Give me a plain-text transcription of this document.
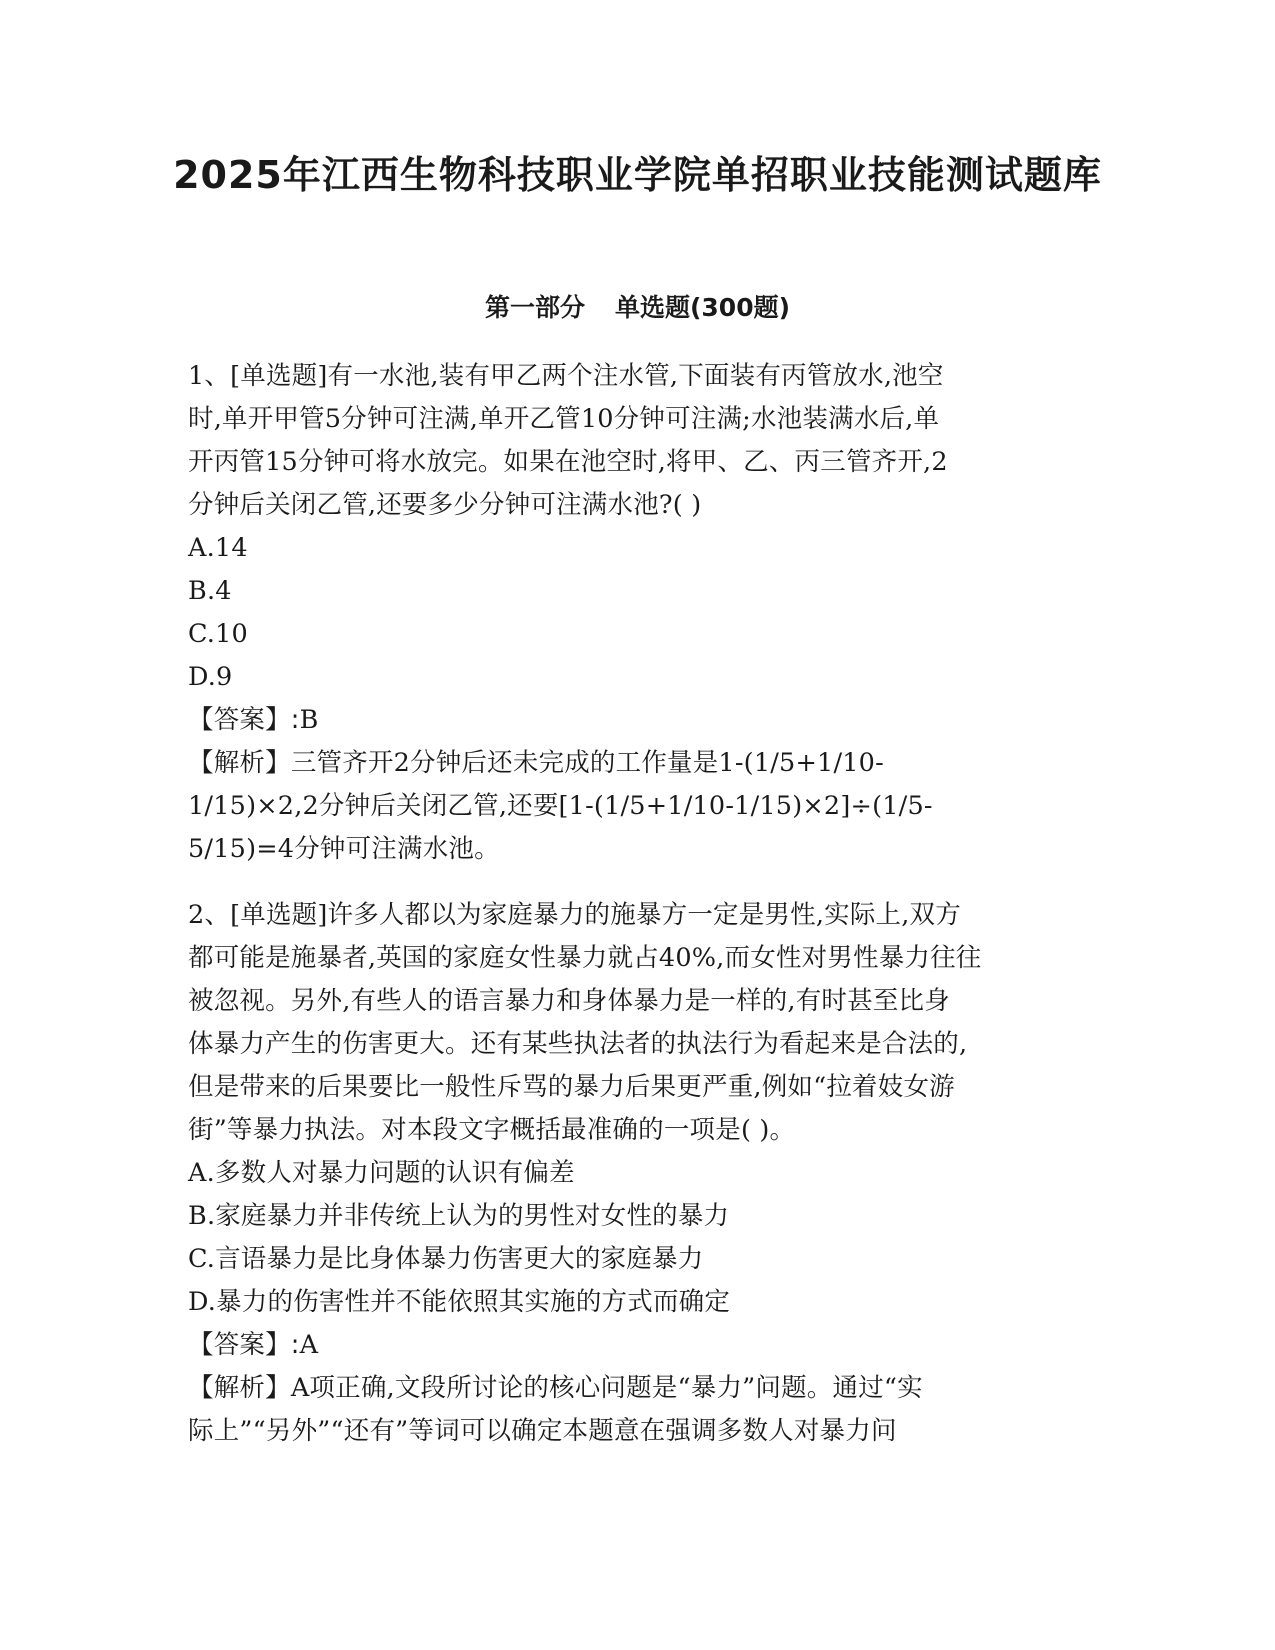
2025年江西生物科技职业学院单招职业技能测试题库
第一部分 单选题(300题)
1、[单选题]有一水池,装有甲乙两个注水管,下面装有丙管放水,池空
时,单开甲管5分钟可注满,单开乙管10分钟可注满;水池装满水后,单
开丙管15分钟可将水放完。如果在池空时,将甲、乙、丙三管齐开,2
分钟后关闭乙管,还要多少分钟可注满水池?( )
A.14
B.4
C.10
D.9
【答案】:B
【解析】三管齐开2分钟后还未完成的工作量是1-(1/5+1/10-
1/15)×2,2分钟后关闭乙管,还要[1-(1/5+1/10-1/15)×2]÷(1/5-
5/15)=4分钟可注满水池。
2、[单选题]许多人都以为家庭暴力的施暴方一定是男性,实际上,双方
都可能是施暴者,英国的家庭女性暴力就占40%,而女性对男性暴力往往
被忽视。另外,有些人的语言暴力和身体暴力是一样的,有时甚至比身
体暴力产生的伤害更大。还有某些执法者的执法行为看起来是合法的,
但是带来的后果要比一般性斥骂的暴力后果更严重,例如“拉着妓女游
街”等暴力执法。对本段文字概括最准确的一项是( )。
A.多数人对暴力问题的认识有偏差
B.家庭暴力并非传统上认为的男性对女性的暴力
C.言语暴力是比身体暴力伤害更大的家庭暴力
D.暴力的伤害性并不能依照其实施的方式而确定
【答案】:A
【解析】A项正确,文段所讨论的核心问题是“暴力”问题。通过“实
际上”“另外”“还有”等词可以确定本题意在强调多数人对暴力问
